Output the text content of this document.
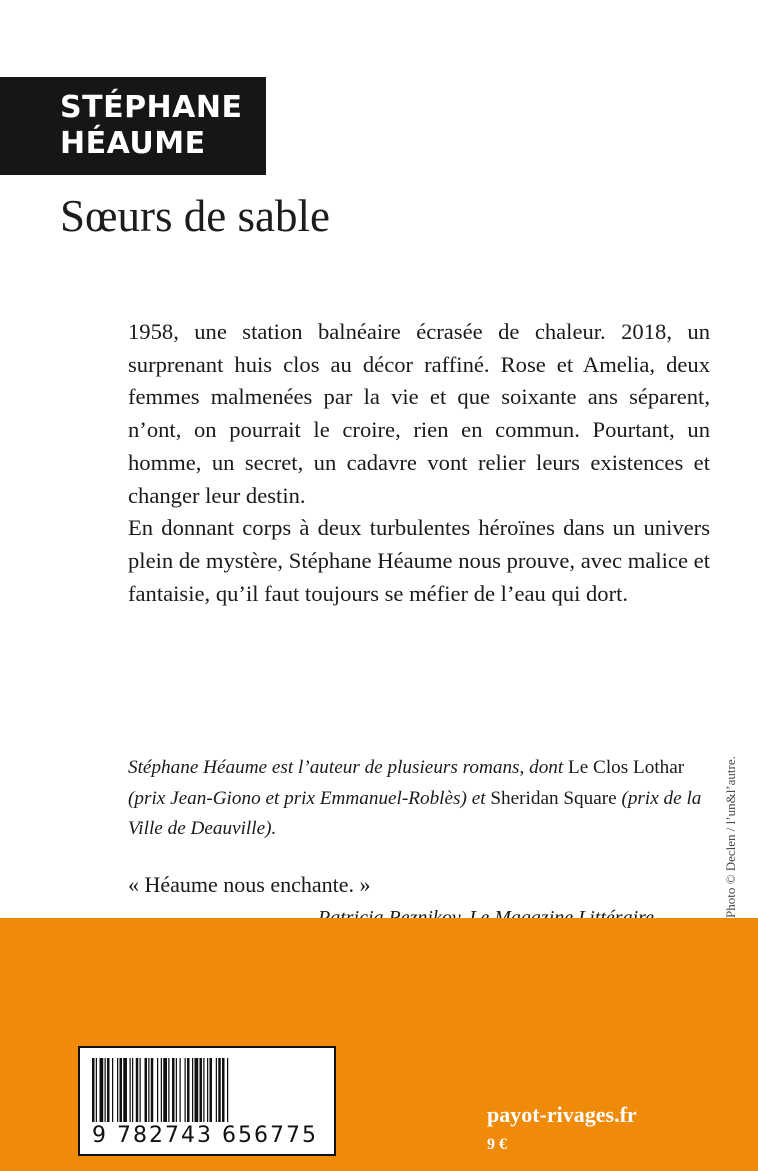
STÉPHANE
HÉAUME
Sœurs de sable

1958, une station balnéaire écrasée de chaleur. 2018, un surprenant huis clos au décor raffiné. Rose et Amelia, deux femmes malmenées par la vie et que soixante ans séparent, n’ont, on pourrait le croire, rien en commun. Pourtant, un homme, un secret, un cadavre vont relier leurs existences et changer leur destin.

En donnant corps à deux turbulentes héroïnes dans un univers plein de mystère, Stéphane Héaume nous prouve, avec malice et fantaisie, qu’il faut toujours se méfier de l’eau qui dort.

Stéphane Héaume est l’auteur de plusieurs romans, dont Le Clos Lothar (prix Jean-Giono et prix Emmanuel-Roblès) et Sheridan Square (prix de la Ville de Deauville).

« Héaume nous enchante. »	Photo © Declen / l’un&l’autre.
9 782743 656775
payot-rivages.fr
9 €
